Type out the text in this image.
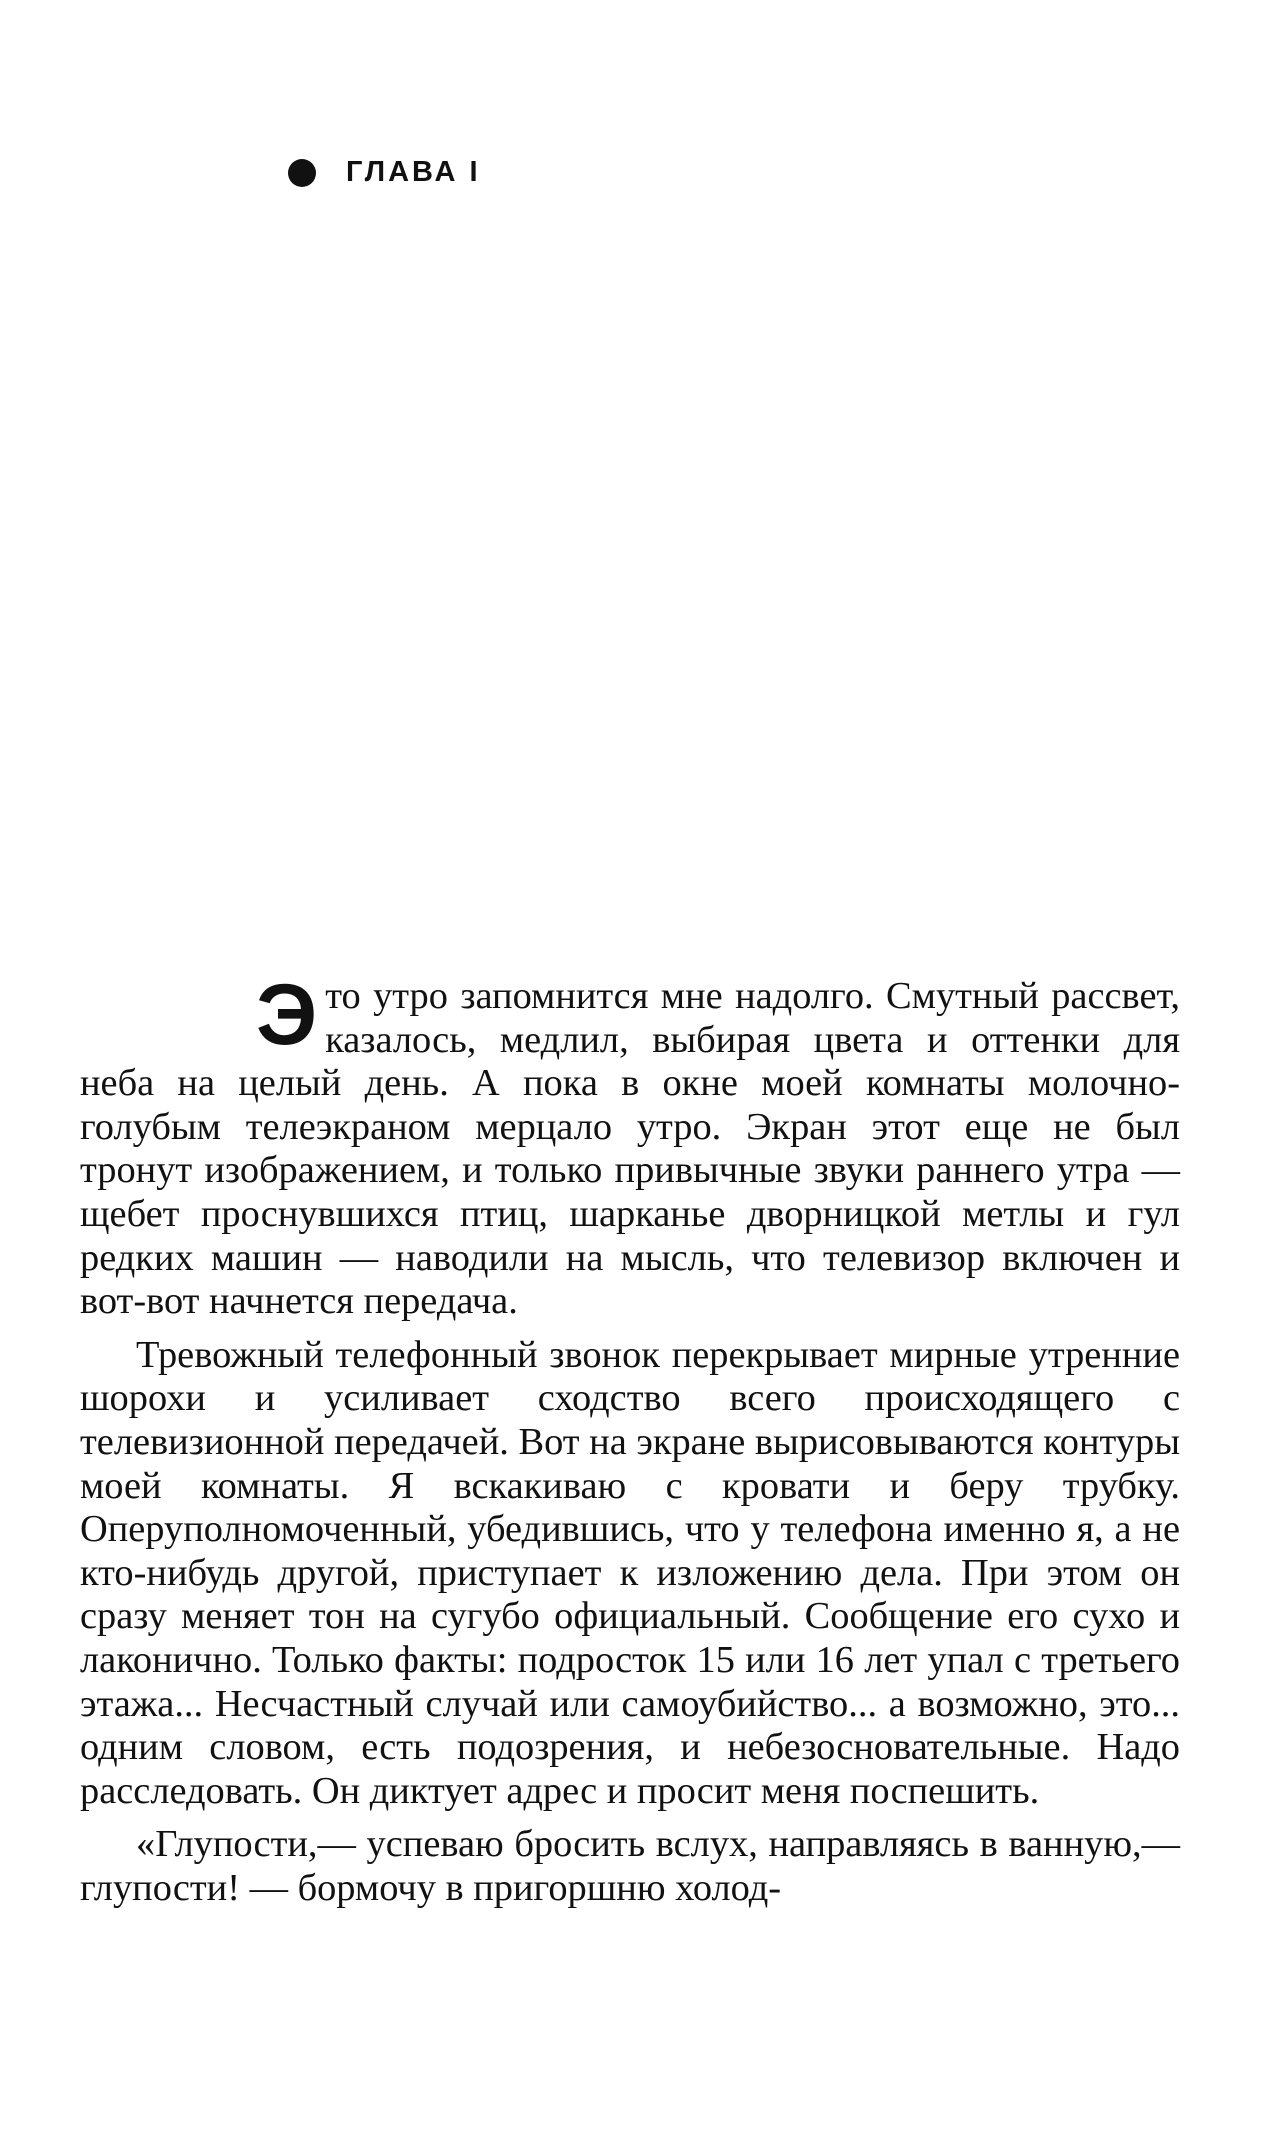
ГЛАВА I

Это утро запомнится мне надолго. Смутный рассвет, казалось, медлил, выбирая цвета и оттенки для неба на целый день. А пока в окне моей комнаты молочно-голубым телеэкраном мерцало утро. Экран этот еще не был тронут изображением, и только привычные звуки раннего утра — щебет проснувшихся птиц, шарканье дворницкой метлы и гул редких машин — наводили на мысль, что телевизор включен и вот-вот начнется передача.

Тревожный телефонный звонок перекрывает мирные утренние шорохи и усиливает сходство всего происходящего с телевизионной передачей. Вот на экране вырисовываются контуры моей комнаты. Я вскакиваю с кровати и беру трубку. Оперуполномоченный, убедившись, что у телефона именно я, а не кто-нибудь другой, приступает к изложению дела. При этом он сразу меняет тон на сугубо официальный. Сообщение его сухо и лаконично. Только факты: подросток 15 или 16 лет упал с третьего этажа... Несчастный случай или самоубийство... а возможно, это... одним словом, есть подозрения, и небезосновательные. Надо расследовать. Он диктует адрес и просит меня поспешить.

«Глупости,— успеваю бросить вслух, направляясь в ванную,— глупости! — бормочу в пригоршню холод-
